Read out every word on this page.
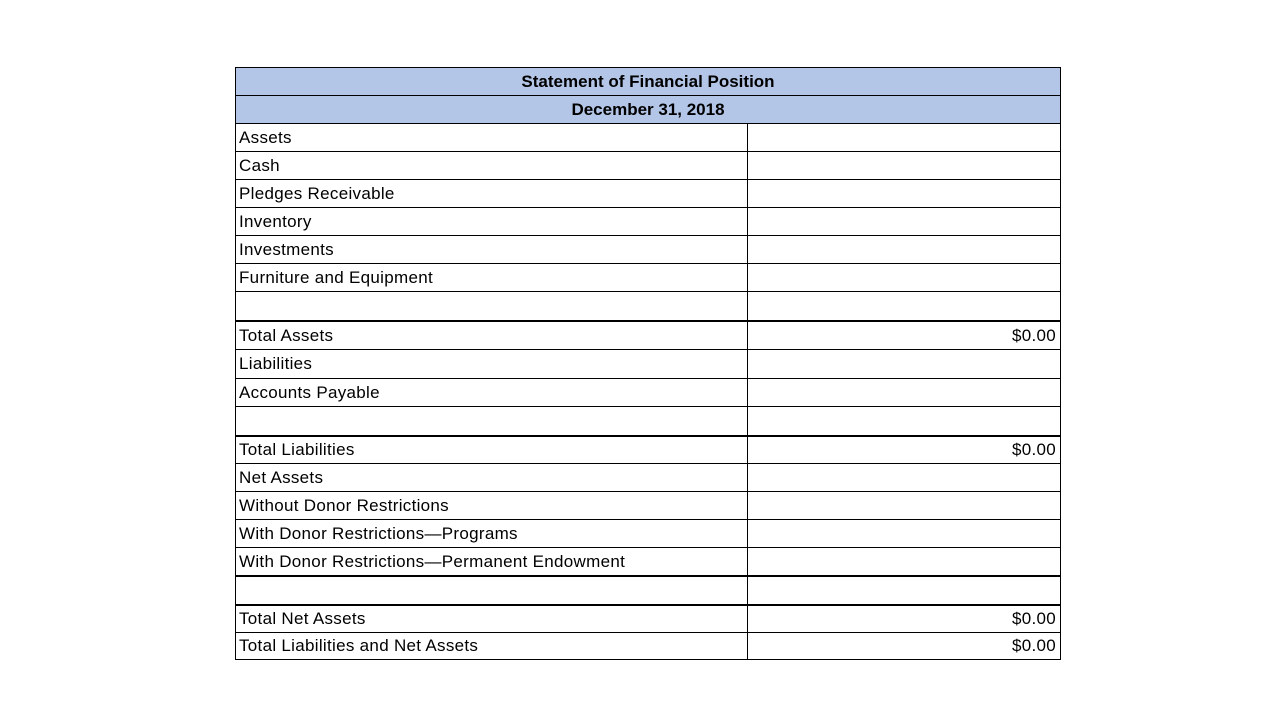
Statement of Financial Position
December 31, 2018
Assets
Cash
Pledges Receivable
Inventory
Investments
Furniture and Equipment
Total Assets	$0.00
Liabilities
Accounts Payable
Total Liabilities	$0.00
Net Assets
Without Donor Restrictions
With Donor Restrictions—Programs
With Donor Restrictions—Permanent Endowment
Total Net Assets	$0.00
Total Liabilities and Net Assets	$0.00
